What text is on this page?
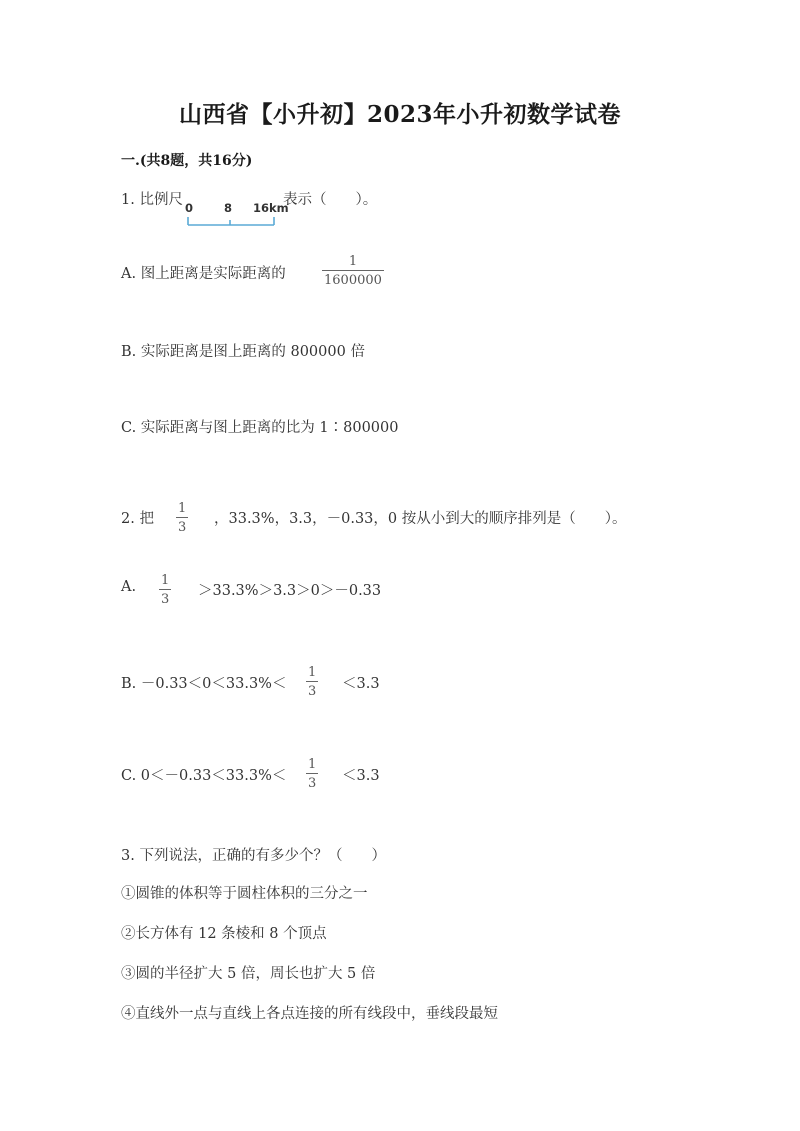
山西省【小升初】2023年小升初数学试卷
一.(共8题，共16分)
1. 比例尺 0	8 16km
表示（　　）。
A. 图上距离是实际距离的
1
1600000
B. 实际距离是图上距离的 800000 倍
C. 实际距离与图上距离的比为 1∶800000
2. 把
1
3
，33.3%，3.3，－0.33，0 按从小到大的顺序排列是（　　）。
A. 1
3
＞33.3%＞3.3＞0＞－0.33
B. －0.33＜0＜33.3%＜
1
3 ＜3.3
C. 0＜－0.33＜33.3%＜
1
3 ＜3.3
3. 下列说法，正确的有多少个？（　　）
①圆锥的体积等于圆柱体积的三分之一
②长方体有 12 条棱和 8 个顶点
③圆的半径扩大 5 倍，周长也扩大 5 倍
④直线外一点与直线上各点连接的所有线段中，垂线段最短
